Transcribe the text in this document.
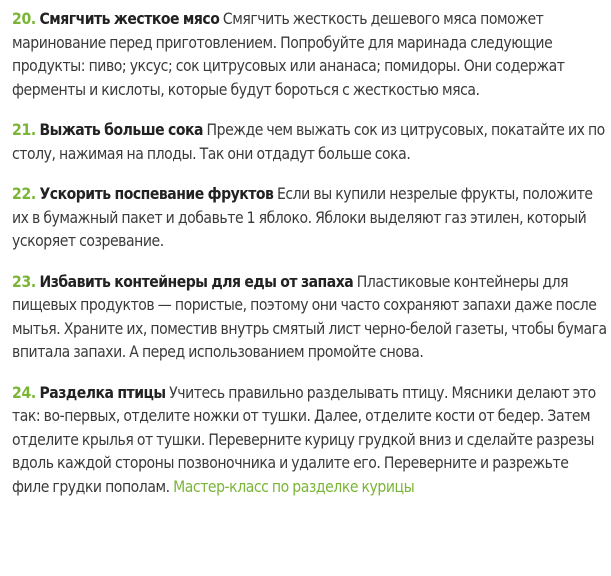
20. Смягчить жесткое мясо Смягчить жесткость дешевого мяса поможет маринование перед приготовлением. Попробуйте для маринада следующие продукты: пиво; уксус; сок цитрусовых или ананаса; помидоры. Они содержат ферменты и кислоты, которые будут бороться с жесткостью мяса.

21. Выжать больше сока Прежде чем выжать сок из цитрусовых, покатайте их по столу, нажимая на плоды. Так они отдадут больше сока.

22. Ускорить поспевание фруктов Если вы купили незрелые фрукты, положите их в бумажный пакет и добавьте 1 яблоко. Яблоки выделяют газ этилен, который ускоряет созревание.

23. Избавить контейнеры для еды от запаха Пластиковые контейнеры для пищевых продуктов — пористые, поэтому они часто сохраняют запахи даже после мытья. Храните их, поместив внутрь смятый лист черно-белой газеты, чтобы бумага впитала запахи. А перед использованием промойте снова.

24. Разделка птицы Учитесь правильно разделывать птицу. Мясники делают это так: во-первых, отделите ножки от тушки. Далее, отделите кости от бедер. Затем отделите крылья от тушки. Переверните курицу грудкой вниз и сделайте разрезы вдоль каждой стороны позвоночника и удалите его. Переверните и разрежьте филе грудки пополам. Мастер-класс по разделке курицы
